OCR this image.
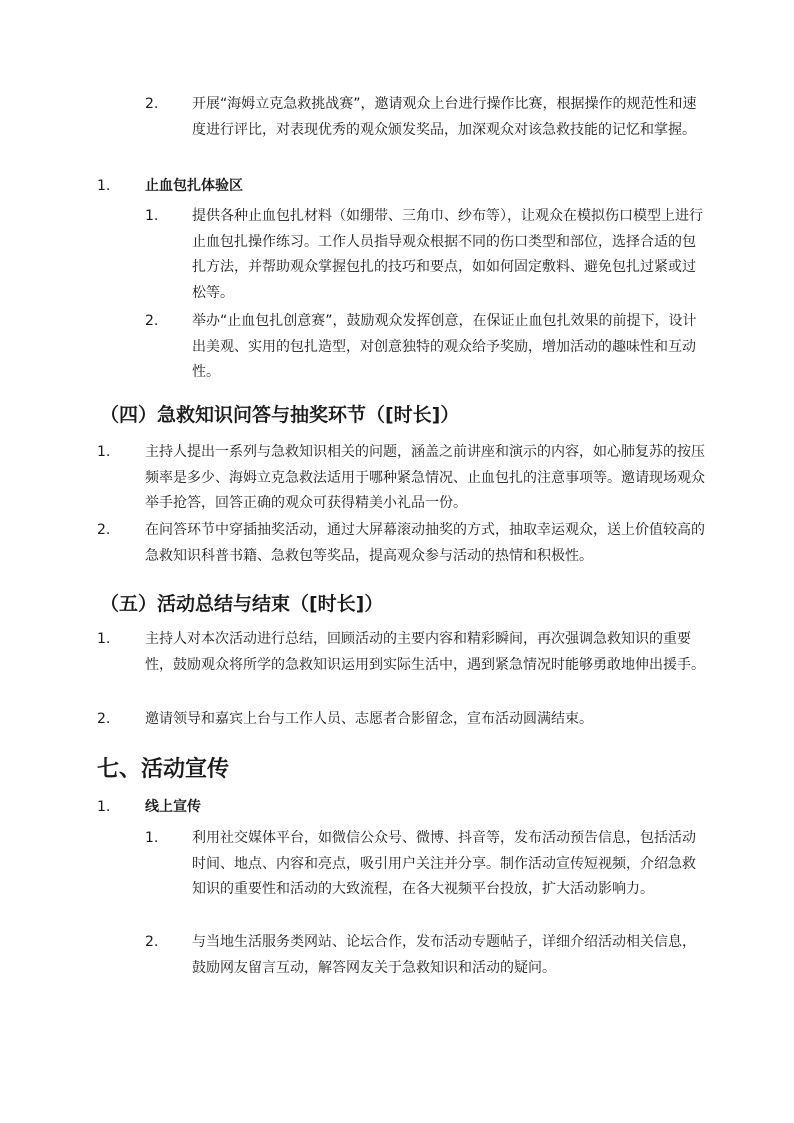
2. 开展“海姆立克急救挑战赛”，邀请观众上台进行操作比赛，根据操作的规范性和速度进行评比，对表现优秀的观众颁发奖品，加深观众对该急救技能的记忆和掌握。
1. 止血包扎体验区
1. 提供各种止血包扎材料（如绷带、三角巾、纱布等），让观众在模拟伤口模型上进行止血包扎操作练习。工作人员指导观众根据不同的伤口类型和部位，选择合适的包扎方法，并帮助观众掌握包扎的技巧和要点，如如何固定敷料、避免包扎过紧或过松等。
2. 举办“止血包扎创意赛”，鼓励观众发挥创意，在保证止血包扎效果的前提下，设计出美观、实用的包扎造型，对创意独特的观众给予奖励，增加活动的趣味性和互动性。
（四）急救知识问答与抽奖环节（[时长]）
1. 主持人提出一系列与急救知识相关的问题，涵盖之前讲座和演示的内容，如心肺复苏的按压频率是多少、海姆立克急救法适用于哪种紧急情况、止血包扎的注意事项等。邀请现场观众举手抢答，回答正确的观众可获得精美小礼品一份。
2. 在问答环节中穿插抽奖活动，通过大屏幕滚动抽奖的方式，抽取幸运观众，送上价值较高的急救知识科普书籍、急救包等奖品，提高观众参与活动的热情和积极性。
（五）活动总结与结束（[时长]）
1. 主持人对本次活动进行总结，回顾活动的主要内容和精彩瞬间，再次强调急救知识的重要性，鼓励观众将所学的急救知识运用到实际生活中，遇到紧急情况时能够勇敢地伸出援手。
2. 邀请领导和嘉宾上台与工作人员、志愿者合影留念，宣布活动圆满结束。
七、活动宣传
1. 线上宣传
1. 利用社交媒体平台，如微信公众号、微博、抖音等，发布活动预告信息，包括活动时间、地点、内容和亮点，吸引用户关注并分享。制作活动宣传短视频，介绍急救知识的重要性和活动的大致流程，在各大视频平台投放，扩大活动影响力。
2. 与当地生活服务类网站、论坛合作，发布活动专题帖子，详细介绍活动相关信息，鼓励网友留言互动，解答网友关于急救知识和活动的疑问。
